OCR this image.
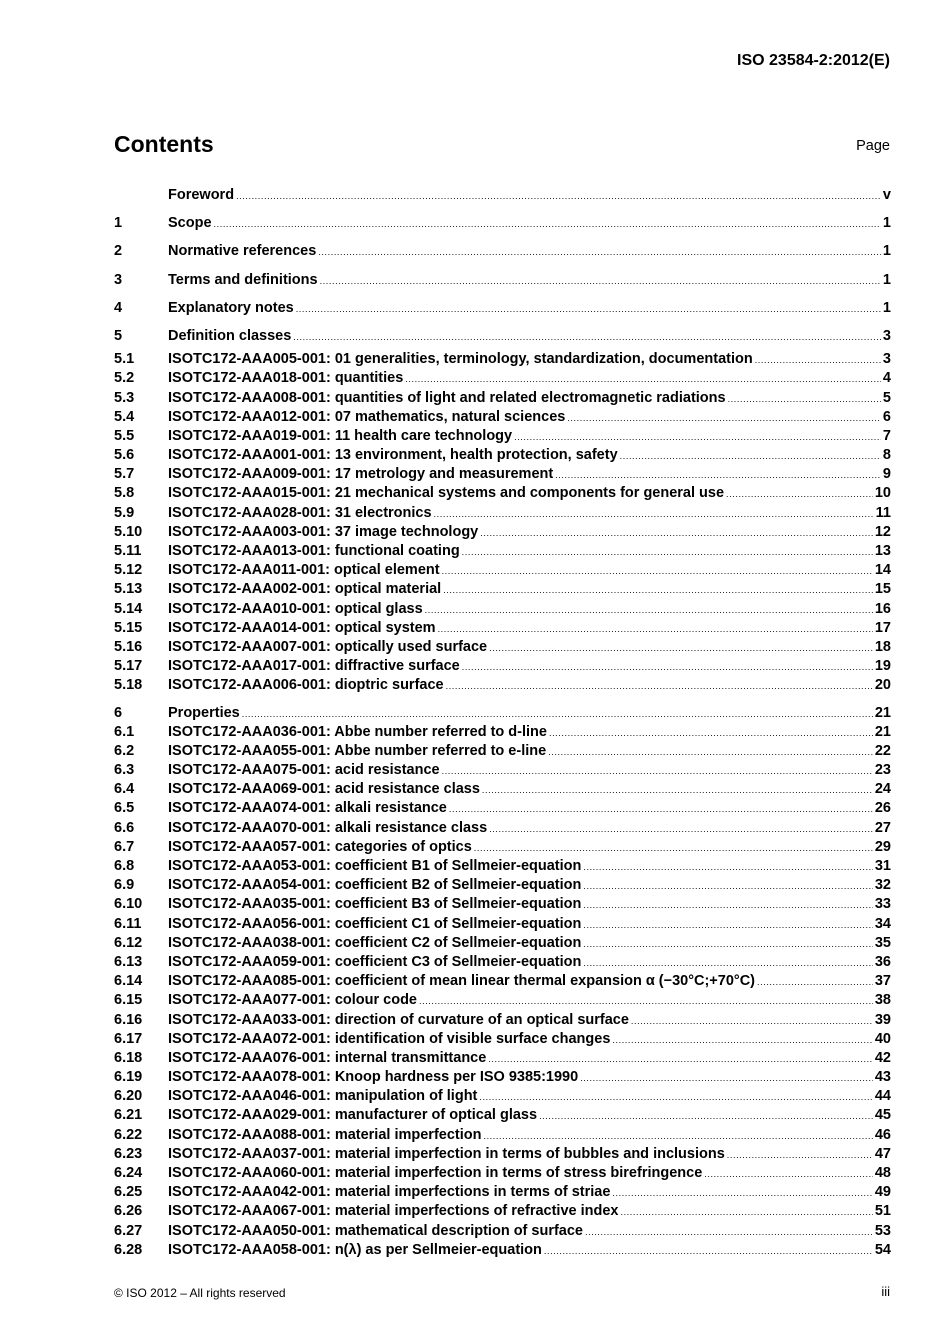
ISO 23584-2:2012(E)
Contents	Page
Foreword .....	v
1	Scope .....	1
2	Normative references .....	1
3	Terms and definitions .....	1
4	Explanatory notes .....	1
5	Definition classes .....	3
5.1	ISOTC172-AAA005-001: 01 generalities, terminology, standardization, documentation .....	3
5.2	ISOTC172-AAA018-001: quantities .....	4
5.3	ISOTC172-AAA008-001: quantities of light and related electromagnetic radiations .....	5
5.4	ISOTC172-AAA012-001: 07 mathematics, natural sciences .....	6
5.5	ISOTC172-AAA019-001: 11 health care technology .....	7
5.6	ISOTC172-AAA001-001: 13 environment, health protection, safety .....	8
5.7	ISOTC172-AAA009-001: 17 metrology and measurement .....	9
5.8	ISOTC172-AAA015-001: 21 mechanical systems and components for general use .....	10
5.9	ISOTC172-AAA028-001: 31 electronics .....	11
5.10	ISOTC172-AAA003-001: 37 image technology .....	12
5.11	ISOTC172-AAA013-001: functional coating .....	13
5.12	ISOTC172-AAA011-001: optical element .....	14
5.13	ISOTC172-AAA002-001: optical material .....	15
5.14	ISOTC172-AAA010-001: optical glass .....	16
5.15	ISOTC172-AAA014-001: optical system .....	17
5.16	ISOTC172-AAA007-001: optically used surface .....	18
5.17	ISOTC172-AAA017-001: diffractive surface .....	19
5.18	ISOTC172-AAA006-001: dioptric surface .....	20
6	Properties .....	21
6.1	ISOTC172-AAA036-001: Abbe number referred to d-line .....	21
6.2	ISOTC172-AAA055-001: Abbe number referred to e-line .....	22
6.3	ISOTC172-AAA075-001: acid resistance .....	23
6.4	ISOTC172-AAA069-001: acid resistance class .....	24
6.5	ISOTC172-AAA074-001: alkali resistance .....	26
6.6	ISOTC172-AAA070-001: alkali resistance class .....	27
6.7	ISOTC172-AAA057-001: categories of optics .....	29
6.8	ISOTC172-AAA053-001: coefficient B1 of Sellmeier-equation .....	31
6.9	ISOTC172-AAA054-001: coefficient B2 of Sellmeier-equation .....	32
6.10	ISOTC172-AAA035-001: coefficient B3 of Sellmeier-equation .....	33
6.11	ISOTC172-AAA056-001: coefficient C1 of Sellmeier-equation .....	34
6.12	ISOTC172-AAA038-001: coefficient C2 of Sellmeier-equation .....	35
6.13	ISOTC172-AAA059-001: coefficient C3 of Sellmeier-equation .....	36
6.14	ISOTC172-AAA085-001: coefficient of mean linear thermal expansion α (−30°C;+70°C) .....	37
6.15	ISOTC172-AAA077-001: colour code .....	38
6.16	ISOTC172-AAA033-001: direction of curvature of an optical surface .....	39
6.17	ISOTC172-AAA072-001: identification of visible surface changes .....	40
6.18	ISOTC172-AAA076-001: internal transmittance .....	42
6.19	ISOTC172-AAA078-001: Knoop hardness per ISO 9385:1990 .....	43
6.20	ISOTC172-AAA046-001: manipulation of light .....	44
6.21	ISOTC172-AAA029-001: manufacturer of optical glass .....	45
6.22	ISOTC172-AAA088-001: material imperfection .....	46
6.23	ISOTC172-AAA037-001: material imperfection in terms of bubbles and inclusions .....	47
6.24	ISOTC172-AAA060-001: material imperfection in terms of stress birefringence .....	48
6.25	ISOTC172-AAA042-001: material imperfections in terms of striae .....	49
6.26	ISOTC172-AAA067-001: material imperfections of refractive index .....	51
6.27	ISOTC172-AAA050-001: mathematical description of surface .....	53
6.28	ISOTC172-AAA058-001: n(λ) as per Sellmeier-equation .....	54
© ISO 2012 – All rights reserved	iii
